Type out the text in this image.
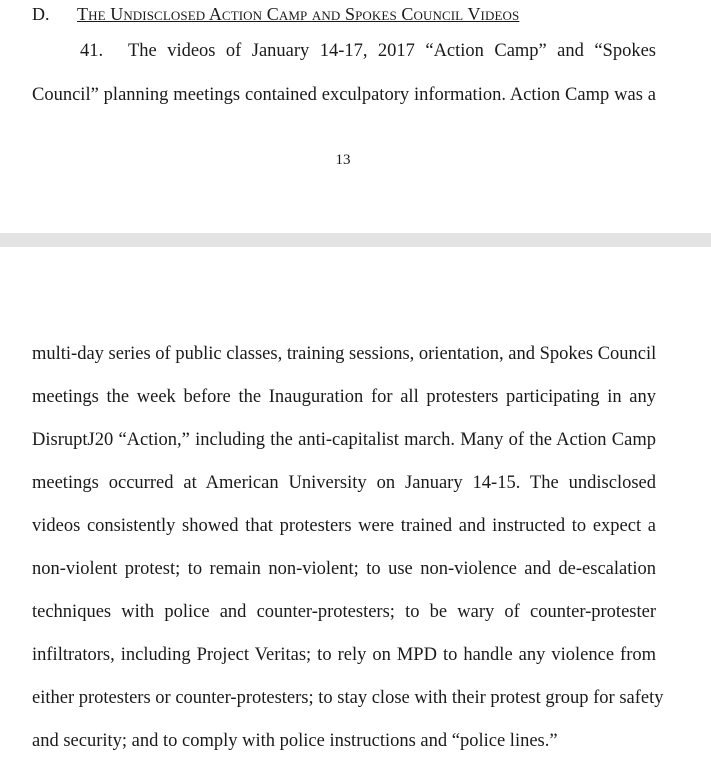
D. The Undisclosed Action Camp and Spokes Council Videos
41. The videos of January 14-17, 2017 “Action Camp” and “Spokes
Council” planning meetings contained exculpatory information. Action Camp was a
13
multi-day series of public classes, training sessions, orientation, and Spokes Council
meetings the week before the Inauguration for all protesters participating in any
DisruptJ20 “Action,” including the anti-capitalist march. Many of the Action Camp
meetings occurred at American University on January 14-15. The undisclosed
videos consistently showed that protesters were trained and instructed to expect a
non-violent protest; to remain non-violent; to use non-violence and de-escalation
techniques with police and counter-protesters; to be wary of counter-protester
infiltrators, including Project Veritas; to rely on MPD to handle any violence from
either protesters or counter-protesters; to stay close with their protest group for safety
and security; and to comply with police instructions and “police lines.”
